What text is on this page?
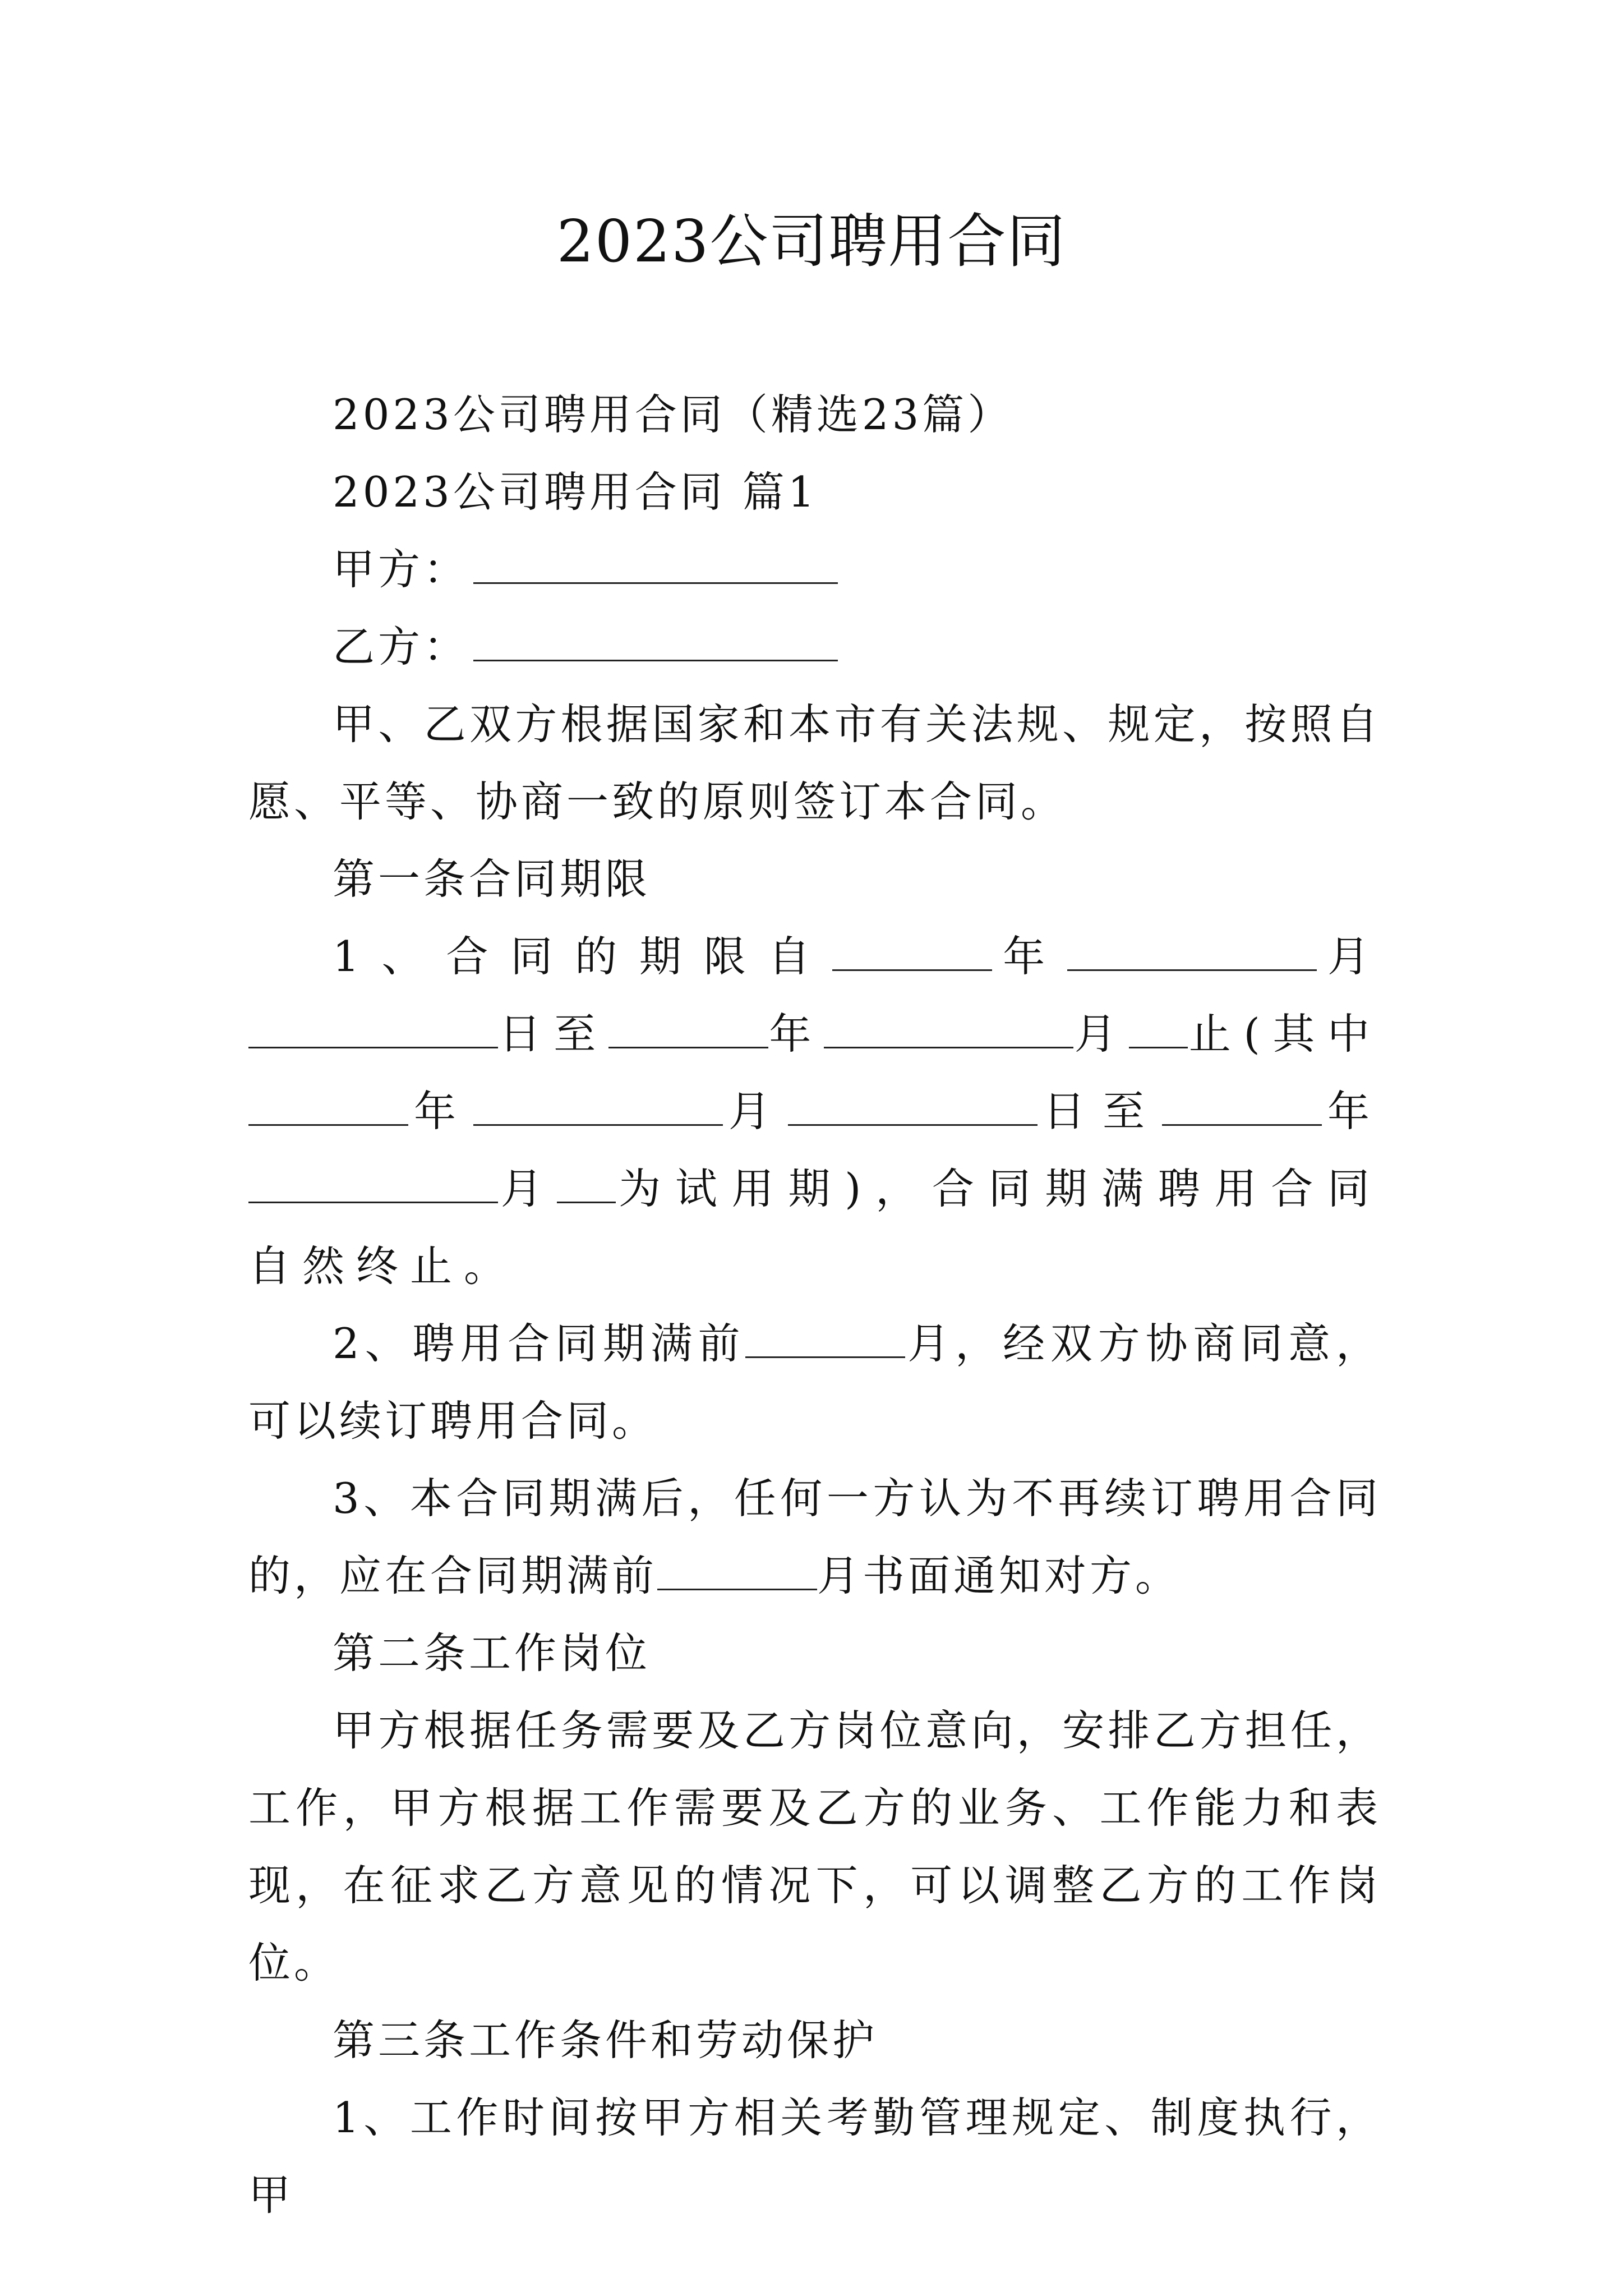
2023公司聘用合同

2023公司聘用合同（精选23篇）

2023公司聘用合同 篇1

甲方：

乙方：

甲、乙双方根据国家和本市有关法规、规定，按照自愿、平等、协商一致的原则签订本合同。

第一条合同期限

1、合同的期限自	年	月日至	年	月 止(其中年	月	日至	年月 为试用期)，合同期满聘用合同自然终止。

2、聘用合同期满前	月，经双方协商同意，可以续订聘用合同。

3、本合同期满后，任何一方认为不再续订聘用合同的，应在合同期满前	月书面通知对方。

第二条工作岗位

甲方根据任务需要及乙方岗位意向，安排乙方担任，工作，甲方根据工作需要及乙方的业务、工作能力和表现，在征求乙方意见的情况下，可以调整乙方的工作岗位。

第三条工作条件和劳动保护

1、工作时间按甲方相关考勤管理规定、制度执行，甲
